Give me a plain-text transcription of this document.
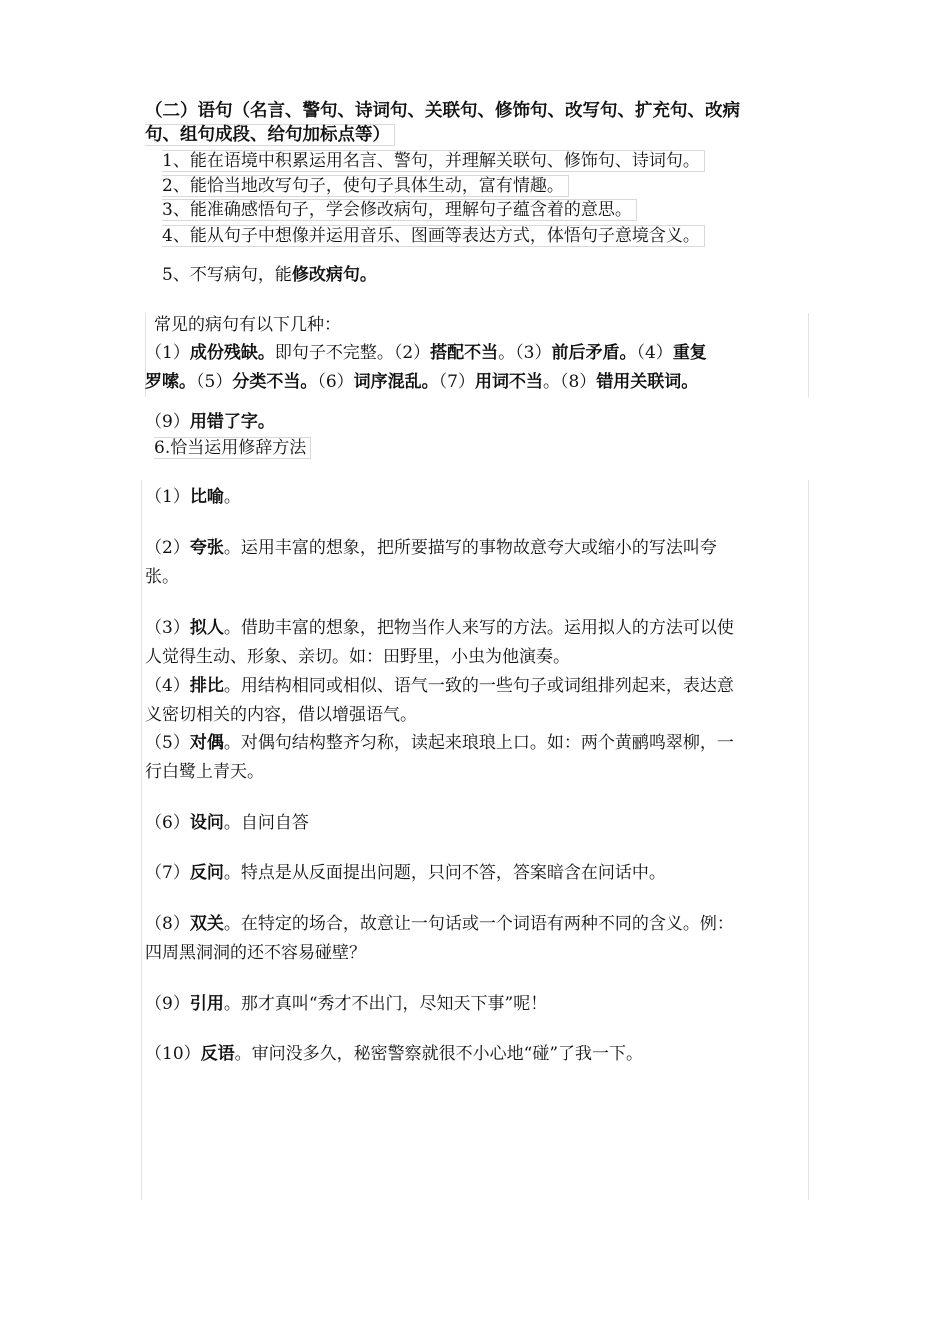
（二）语句（名言、警句、诗词句、关联句、修饰句、改写句、扩充句、改病
句、组句成段、给句加标点等）
1、能在语境中积累运用名言、警句，并理解关联句、修饰句、诗词句。
2、能恰当地改写句子，使句子具体生动，富有情趣。
3、能准确感悟句子，学会修改病句，理解句子蕴含着的意思。
4、能从句子中想像并运用音乐、图画等表达方式，体悟句子意境含义。
5、不写病句，能修改病句。
常见的病句有以下几种：
（1）成份残缺。即句子不完整。（2）搭配不当。（3）前后矛盾。（4）重复
罗嗦。（5）分类不当。（6）词序混乱。（7）用词不当。（8）错用关联词。
（9）用错了字。
6.恰当运用修辞方法
（1）比喻。
（2）夸张。运用丰富的想象，把所要描写的事物故意夸大或缩小的写法叫夸
张。
（3）拟人。借助丰富的想象，把物当作人来写的方法。运用拟人的方法可以使
人觉得生动、形象、亲切。如：田野里，小虫为他演奏。
（4）排比。用结构相同或相似、语气一致的一些句子或词组排列起来，表达意
义密切相关的内容，借以增强语气。
（5）对偶。对偶句结构整齐匀称，读起来琅琅上口。如：两个黄鹂鸣翠柳，一
行白鹭上青天。
（6）设问。自问自答
（7）反问。特点是从反面提出问题，只问不答，答案暗含在问话中。
（8）双关。在特定的场合，故意让一句话或一个词语有两种不同的含义。例：
四周黑洞洞的还不容易碰壁？
（9）引用。那才真叫“秀才不出门，尽知天下事”呢！
（10）反语。审问没多久，秘密警察就很不小心地“碰”了我一下。
